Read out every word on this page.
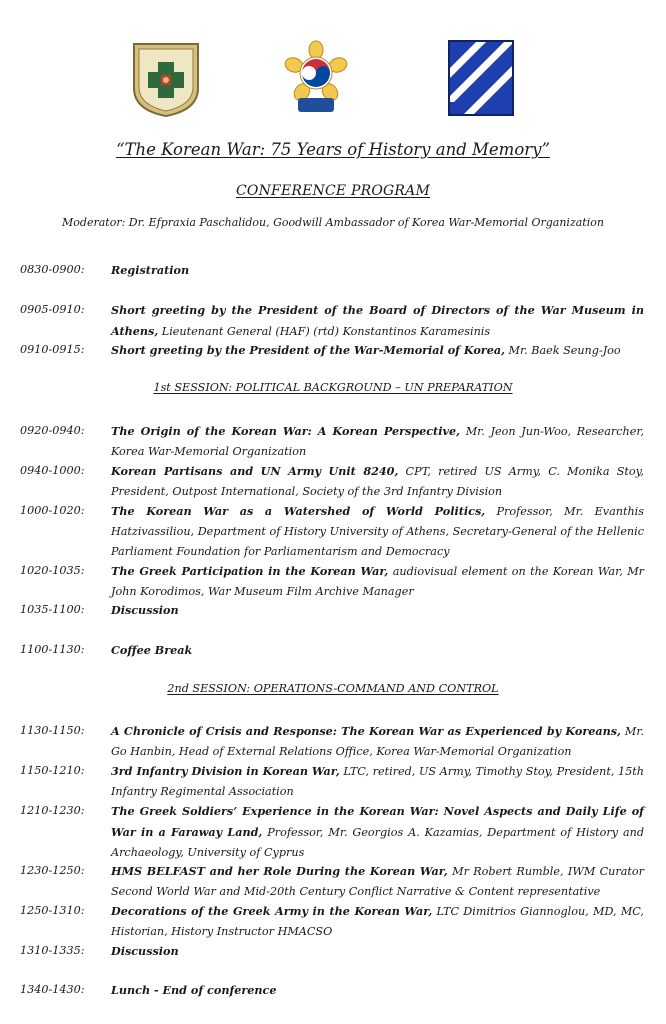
“The Korean War: 75 Years of History and Memory”
CONFERENCE PROGRAM
Moderator: Dr. Efpraxia Paschalidou, Goodwill Ambassador of Korea War-Memorial Organization
0830-0900:	Registration
0905-0910:	Short greeting by the President of the Board of Directors of the War Museum in Athens, Lieutenant General (HAF) (rtd) Konstantinos Karamesinis
0910-0915:	Short greeting by the President of the War-Memorial of Korea, Mr. Baek Seung-Joo
1st SESSION: POLITICAL BACKGROUND – UN PREPARATION
0920-0940:	The Origin of the Korean War: A Korean Perspective, Mr. Jeon Jun-Woo, Researcher, Korea War-Memorial Organization
0940-1000:	Korean Partisans and UN Army Unit 8240, CPT, retired US Army, C. Monika Stoy, President, Outpost International, Society of the 3rd Infantry Division
1000-1020:	The Korean War as a Watershed of World Politics, Professor, Mr. Evanthis Hatzivassiliou, Department of History University of Athens, Secretary-General of the Hellenic Parliament Foundation for Parliamentarism and Democracy
1020-1035:	The Greek Participation in the Korean War, audiovisual element on the Korean War, Mr John Korodimos, War Museum Film Archive Manager
1035-1100:	Discussion
1100-1130:	Coffee Break
2nd SESSION: OPERATIONS-COMMAND AND CONTROL
1130-1150:	A Chronicle of Crisis and Response: The Korean War as Experienced by Koreans, Mr. Go Hanbin, Head of External Relations Office, Korea War-Memorial Organization
1150-1210:	3rd Infantry Division in Korean War, LTC, retired, US Army, Timothy Stoy, President, 15th Infantry Regimental Association
1210-1230:	The Greek Soldiers’ Experience in the Korean War: Novel Aspects and Daily Life of War in a Faraway Land, Professor, Mr. Georgios A. Kazamias, Department of History and Archaeology, University of Cyprus
1230-1250:	HMS BELFAST and her Role During the Korean War, Mr Robert Rumble, IWM Curator Second World War and Mid-20th Century Conflict Narrative & Content representative
1250-1310:	Decorations of the Greek Army in the Korean War, LTC Dimitrios Giannoglou, MD, MC, Historian, History Instructor HMACSO
1310-1335:	Discussion
1340-1430:	Lunch - End of conference
